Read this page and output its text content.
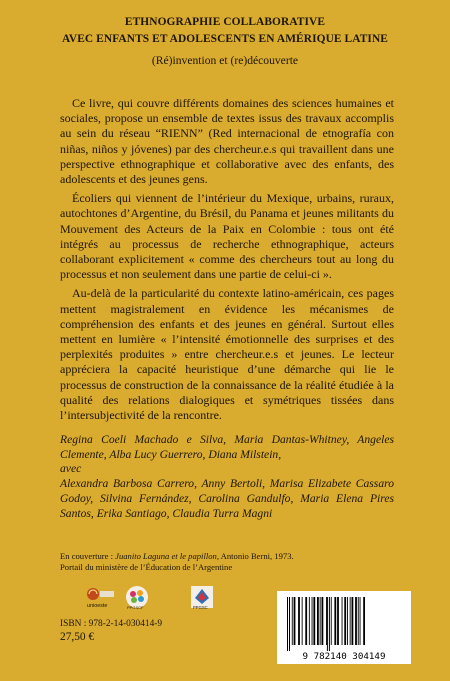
ETHNOGRAPHIE COLLABORATIVE
AVEC ENFANTS ET ADOLESCENTS EN AMÉRIQUE LATINE
(Ré)invention et (re)découverte

Ce livre, qui couvre différents domaines des sciences humaines et sociales, propose un ensemble de textes issus des travaux accomplis au sein du réseau “RIENN” (Red internacional de etnografía con niñas, niños y jóvenes) par des chercheur.e.s qui travaillent dans une perspective ethnographique et collaborative avec des enfants, des adolescents et des jeunes gens.

Écoliers qui viennent de l’intérieur du Mexique, urbains, ruraux, autochtones d’Argentine, du Brésil, du Panama et jeunes militants du Mouvement des Acteurs de la Paix en Colombie : tous ont été intégrés au processus de recherche ethnographique, acteurs collaborant explicitement « comme des chercheurs tout au long du processus et non seulement dans une partie de celui-ci ».

Au-delà de la particularité du contexte latino-américain, ces pages mettent magistralement en évidence les mécanismes de compréhension des enfants et des jeunes en général. Surtout elles mettent en lumière « l’intensité émotionnelle des surprises et des perplexités produites » entre chercheur.e.s et jeunes. Le lecteur appréciera la capacité heuristique d’une démarche qui lie le processus de construction de la connaissance de la réalité étudiée à la qualité des relations dialogiques et symétriques tissées dans l’intersubjectivité de la rencontre.

Regina Coeli Machado e Silva, Maria Dantas-Whitney, Angeles Clemente, Alba Lucy Guerrero, Diana Milstein,

avec

Alexandra Barbosa Carrero, Anny Bertoli, Marisa Elizabete Cassaro Godoy, Silvina Fernández, Carolina Gandulfo, Maria Elena Pires Santos, Erika Santiago, Claudia Turra Magni

En couverture : Juanito Laguna et le papillon, Antonio Berni, 1973.
Portail du ministère de l’Éducation de l’Argentine
unioeste	PPGSCF	PPGSC
ISBN : 978-2-14-030414-9
27,50 €
9 782140 304149
